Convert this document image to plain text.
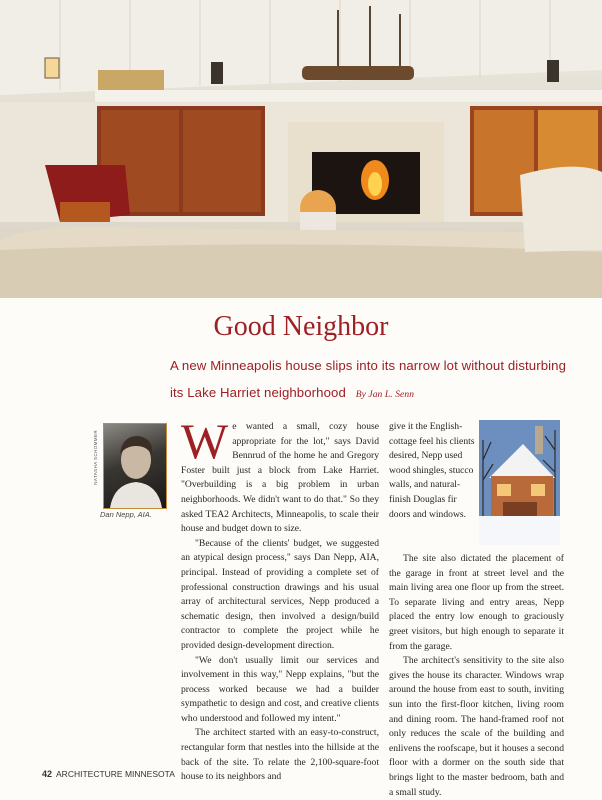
Good Neighbor
A new Minneapolis house slips into its narrow lot without disturbing its Lake Harriet neighborhood By Jan L. Senn
NATASHA SCHOMMER
Dan Nepp, AIA.

We wanted a small, cozy house appropriate for the lot," says David Bennrud of the home he and Gregory Foster built just a block from Lake Harriet. "Overbuilding is a big problem in urban neighborhoods. We didn't want to do that." So they asked TEA2 Architects, Minneapolis, to scale their house and budget down to size.

"Because of the clients' budget, we suggested an atypical design process," says Dan Nepp, AIA, principal. Instead of providing a complete set of professional construction drawings and his usual array of architectural services, Nepp produced a schematic design, then involved a design/build contractor to complete the project while he provided design-development direction.

"We don't usually limit our services and involvement in this way," Nepp explains, "but the process worked because we had a builder sympathetic to design and cost, and creative clients who understood and followed my intent."

The architect started with an easy-to-construct, rectangular form that nestles into the hillside at the back of the site. To relate the 2,100-square-foot house to its neighbors and

give it the English-cottage feel his clients desired, Nepp used wood shingles, stucco walls, and natural-finish Douglas fir doors and windows.

The site also dictated the placement of the garage in front at street level and the main living area one floor up from the street. To separate living and entry areas, Nepp placed the entry low enough to graciously greet visitors, but high enough to separate it from the garage.

The architect's sensitivity to the site also gives the house its character. Windows wrap around the house from east to south, inviting sun into the first-floor kitchen, living room and dining room. The hand-framed roof not only reduces the scale of the building and enlivens the roofscape, but it houses a second floor with a dormer on the south side that brings light to the master bedroom, bath and a small study.

42 ARCHITECTURE MINNESOTA
